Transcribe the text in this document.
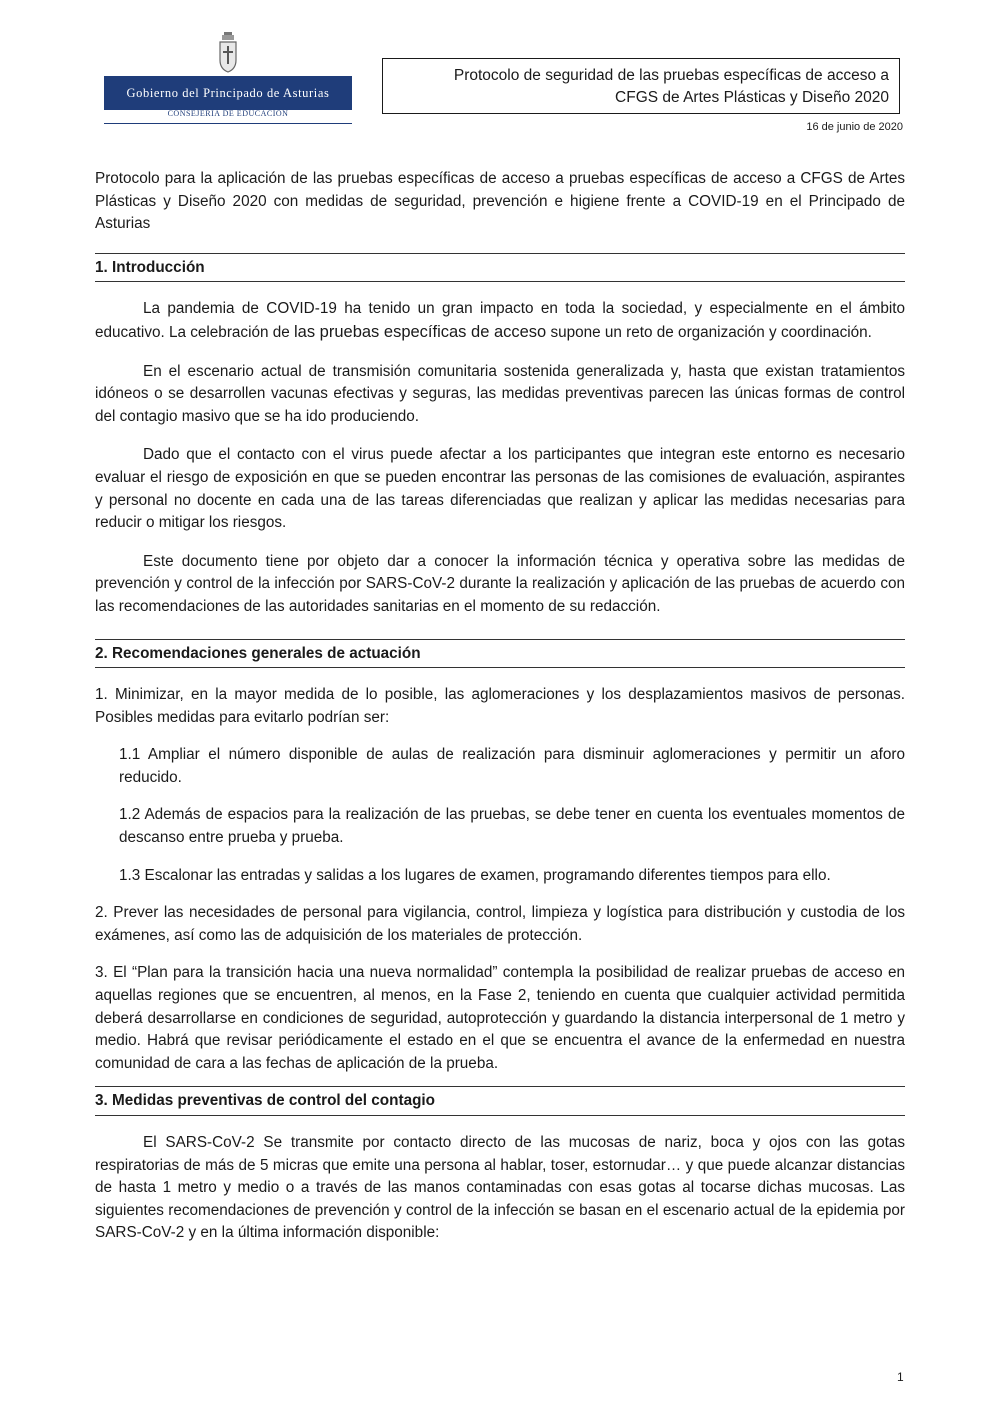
Gobierno del Principado de Asturias
CONSEJERÍA DE EDUCACIÓN
Protocolo de seguridad de las pruebas específicas de acceso a
CFGS de Artes Plásticas y Diseño 2020
16 de junio de 2020

Protocolo para la aplicación de las pruebas específicas de acceso a pruebas específicas de acceso a CFGS de Artes Plásticas y Diseño 2020 con medidas de seguridad, prevención e higiene frente a COVID-19 en el Principado de Asturias

1. Introducción

La pandemia de COVID-19 ha tenido un gran impacto en toda la sociedad, y especialmente en el ámbito educativo. La celebración de las pruebas específicas de acceso supone un reto de organización y coordinación.

En el escenario actual de transmisión comunitaria sostenida generalizada y, hasta que existan tratamientos idóneos o se desarrollen vacunas efectivas y seguras, las medidas preventivas parecen las únicas formas de control del contagio masivo que se ha ido produciendo.

Dado que el contacto con el virus puede afectar a los participantes que integran este entorno es necesario evaluar el riesgo de exposición en que se pueden encontrar las personas de las comisiones de evaluación, aspirantes y personal no docente en cada una de las tareas diferenciadas que realizan y aplicar las medidas necesarias para reducir o mitigar los riesgos.

Este documento tiene por objeto dar a conocer la información técnica y operativa sobre las medidas de prevención y control de la infección por SARS-CoV-2 durante la realización y aplicación de las pruebas de acuerdo con las recomendaciones de las autoridades sanitarias en el momento de su redacción.

2. Recomendaciones generales de actuación

1. Minimizar, en la mayor medida de lo posible, las aglomeraciones y los desplazamientos masivos de personas. Posibles medidas para evitarlo podrían ser:

1.1 Ampliar el número disponible de aulas de realización para disminuir aglomeraciones y permitir un aforo reducido.

1.2 Además de espacios para la realización de las pruebas, se debe tener en cuenta los eventuales momentos de descanso entre prueba y prueba.

1.3 Escalonar las entradas y salidas a los lugares de examen, programando diferentes tiempos para ello.

2. Prever las necesidades de personal para vigilancia, control, limpieza y logística para distribución y custodia de los exámenes, así como las de adquisición de los materiales de protección.

3. El “Plan para la transición hacia una nueva normalidad” contempla la posibilidad de realizar pruebas de acceso en aquellas regiones que se encuentren, al menos, en la Fase 2, teniendo en cuenta que cualquier actividad permitida deberá desarrollarse en condiciones de seguridad, autoprotección y guardando la distancia interpersonal de 1 metro y medio. Habrá que revisar periódicamente el estado en el que se encuentra el avance de la enfermedad en nuestra comunidad de cara a las fechas de aplicación de la prueba.

3. Medidas preventivas de control del contagio

El SARS-CoV-2 Se transmite por contacto directo de las mucosas de nariz, boca y ojos con las gotas respiratorias de más de 5 micras que emite una persona al hablar, toser, estornudar… y que puede alcanzar distancias de hasta 1 metro y medio o a través de las manos contaminadas con esas gotas al tocarse dichas mucosas. Las siguientes recomendaciones de prevención y control de la infección se basan en el escenario actual de la epidemia por SARS-CoV-2 y en la última información disponible:

1
